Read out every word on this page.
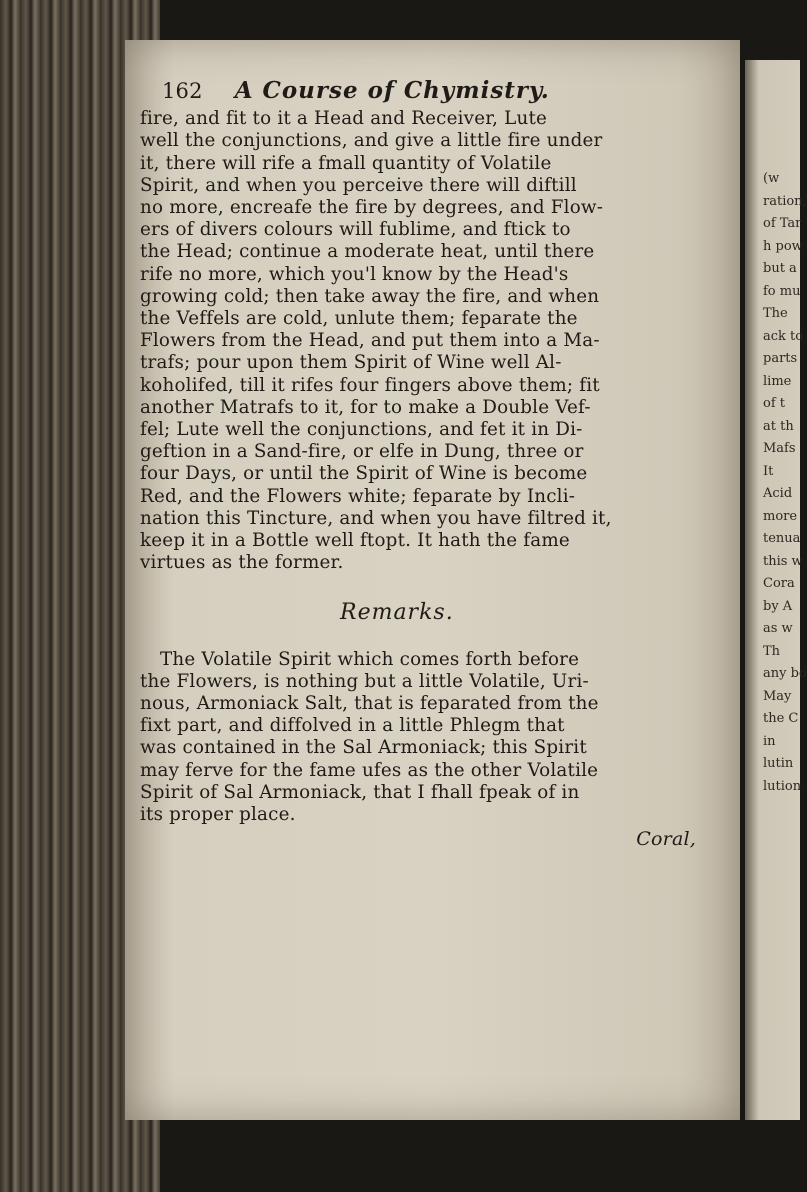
(w
ration,
of Tar
h pow
but a
fo mu
The
ack to
parts
lime
of t
at th
Mafs
It
Acid
more
tenua
this w
Cora
by A
as w
Th
any bo
May
the C
in
lutin
lution
162 A Course of Chymistry.

fire, and fit to it a Head and Receiver, Lute
well the conjunctions, and give a little fire under
it, there will rife a fmall quantity of Volatile
Spirit, and when you perceive there will diftill
no more, encreafe the fire by degrees, and Flow-
ers of divers colours will fublime, and ftick to
the Head; continue a moderate heat, until there
rife no more, which you'l know by the Head's
growing cold; then take away the fire, and when
the Veffels are cold, unlute them; feparate the
Flowers from the Head, and put them into a Ma-
trafs; pour upon them Spirit of Wine well Al-
koholifed, till it rifes four fingers above them; fit
another Matrafs to it, for to make a Double Vef-
fel; Lute well the conjunctions, and fet it in Di-
geftion in a Sand-fire, or elfe in Dung, three or
four Days, or until the Spirit of Wine is become
Red, and the Flowers white; feparate by Incli-
nation this Tincture, and when you have filtred it,
keep it in a Bottle well ftopt. It hath the fame
virtues as the former.

Remarks.

The Volatile Spirit which comes forth before
the Flowers, is nothing but a little Volatile, Uri-
nous, Armoniack Salt, that is feparated from the
fixt part, and diffolved in a little Phlegm that
was contained in the Sal Armoniack; this Spirit
may ferve for the fame ufes as the other Volatile
Spirit of Sal Armoniack, that I fhall fpeak of in
its proper place.

Coral,
